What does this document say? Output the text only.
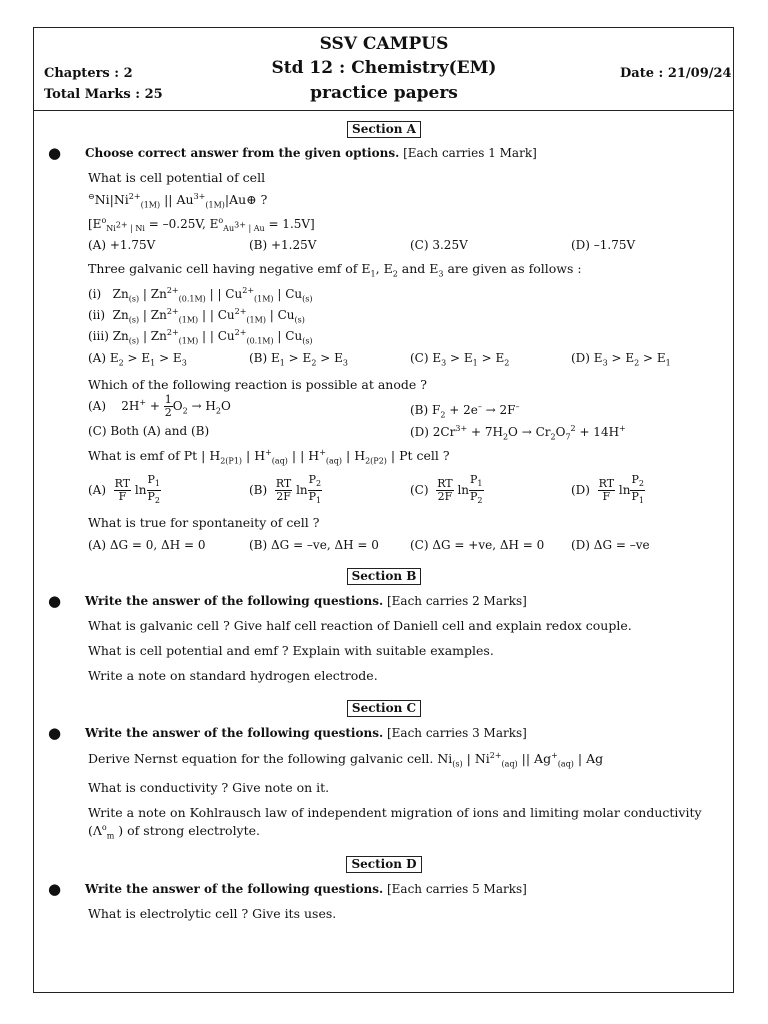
SSV CAMPUS
Std 12 : Chemistry(EM)
practice papers
Chapters : 2
Total Marks : 25
Date : 21/09/24
Section A
● Choose correct answer from the given options. [Each carries 1 Mark]
What is cell potential of cell
$^⊖Ni|Ni^{2+}_{(1M)}$ || $Au^{3+}_{(1M)}|Au\oplus$ ?
[$E^o_{Ni^{2+} | Ni} = -0.25V$, $E^o_{Au^{3+} | Au} = 1.5V$]
(A) +1.75V	(B) +1.25V	(C) 3.25V	(D) –1.75V
Three galvanic cell having negative emf of $E_1$, $E_2$ and $E_3$ are given as follows :
(i)   $Zn_{(s)}$ | $Zn^{2+}_{(0.1M)}$ | | $Cu^{2+}_{(1M)}$ | $Cu_{(s)}$
(ii)  $Zn_{(s)}$ | $Zn^{2+}_{(1M)}$ | | $Cu^{2+}_{(1M)}$ | $Cu_{(s)}$
(iii) $Zn_{(s)}$ | $Zn^{2+}_{(1M)}$ | | $Cu^{2+}_{(0.1M)}$ | $Cu_{(s)}$
(A) $E_2 > E_1 > E_3$	(B) $E_1 > E_2 > E_3$	(C) $E_3 > E_1 > E_2$	(D) $E_3 > E_2 > E_1$
Which of the following reaction is possible at anode ?
(A)    $2H^+ + \frac{1}{2} O_2 \to H_2O$	(B) $F_2 + 2e^- \to 2F^-$
(C) Both (A) and (B)	(D) $2Cr^{3+} + 7H_2O \to Cr_2O_7^2 + 14H^+$
What is emf of Pt | $H_{2(P1)}$ | $H^+_{(aq)}$ | | $H^+_{(aq)}$ | $H_{2(P2)}$ | Pt cell ?
$(A) \frac{RT}{F}$ $\ln \frac{P_1}{P_2}$	$(B) \frac{RT}{2F}$ $\ln \frac{P_2}{P_1}$	$(C) \frac{RT}{2F}$ $\ln \frac{P_1}{P_2}$	$(D) \frac{RT}{F}$ $\ln \frac{P_2}{P_1}$
What is true for spontaneity of cell ?
(A) ΔG = 0, ΔH = 0	(B) ΔG = –ve, ΔH = 0	(C) ΔG = +ve, ΔH = 0 (D) ΔG = –ve
Section B
● Write the answer of the following questions. [Each carries 2 Marks]
What is galvanic cell ? Give half cell reaction of Daniell cell and explain redox couple.
What is cell potential and emf ? Explain with suitable examples.
Write a note on standard hydrogen electrode.
Section C
● Write the answer of the following questions. [Each carries 3 Marks]
Derive Nernst equation for the following galvanic cell. $Ni_{(s)}$ | $Ni^{2+}_{(aq)}$ || $Ag^+_{(aq)}$ | Ag
What is conductivity ? Give note on it.
Write a note on Kohlrausch law of independent migration of ions and limiting molar conductivity
($\Lambda^o_m$ ) of strong electrolyte.
Section D
● Write the answer of the following questions. [Each carries 5 Marks]
What is electrolytic cell ? Give its uses.
